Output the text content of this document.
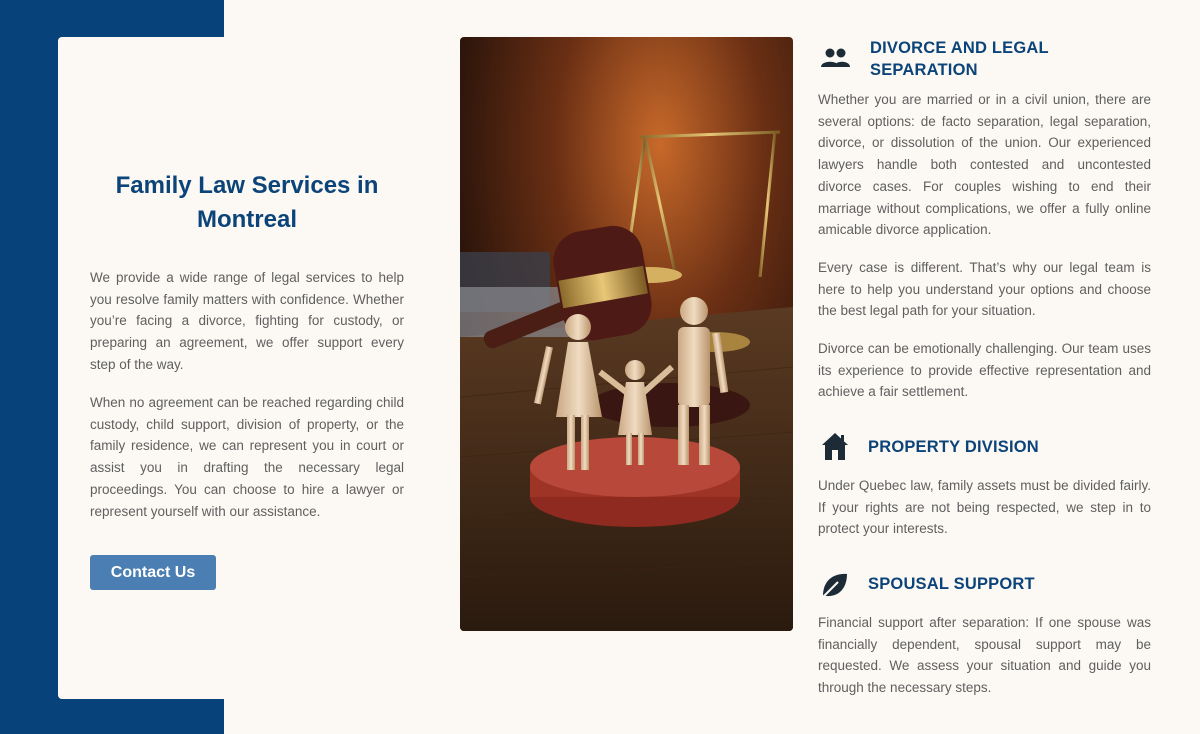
Family Law Services in Montreal

We provide a wide range of legal services to help you resolve family matters with confidence. Whether you’re facing a divorce, fighting for custody, or preparing an agreement, we offer support every step of the way.

When no agreement can be reached regarding child custody, child support, division of property, or the family residence, we can represent you in court or assist you in drafting the necessary legal proceedings. You can choose to hire a lawyer or represent yourself with our assistance.

Contact Us
DIVORCE AND LEGAL SEPARATION

Whether you are married or in a civil union, there are several options: de facto separation, legal separation, divorce, or dissolution of the union. Our experienced lawyers handle both contested and uncontested divorce cases. For couples wishing to end their marriage without complications, we offer a fully online amicable divorce application.

Every case is different. That’s why our legal team is here to help you understand your options and choose the best legal path for your situation.

Divorce can be emotionally challenging. Our team uses its experience to provide effective representation and achieve a fair settlement.

PROPERTY DIVISION

Under Quebec law, family assets must be divided fairly. If your rights are not being respected, we step in to protect your interests.

SPOUSAL SUPPORT

Financial support after separation: If one spouse was financially dependent, spousal support may be requested. We assess your situation and guide you through the necessary steps.
